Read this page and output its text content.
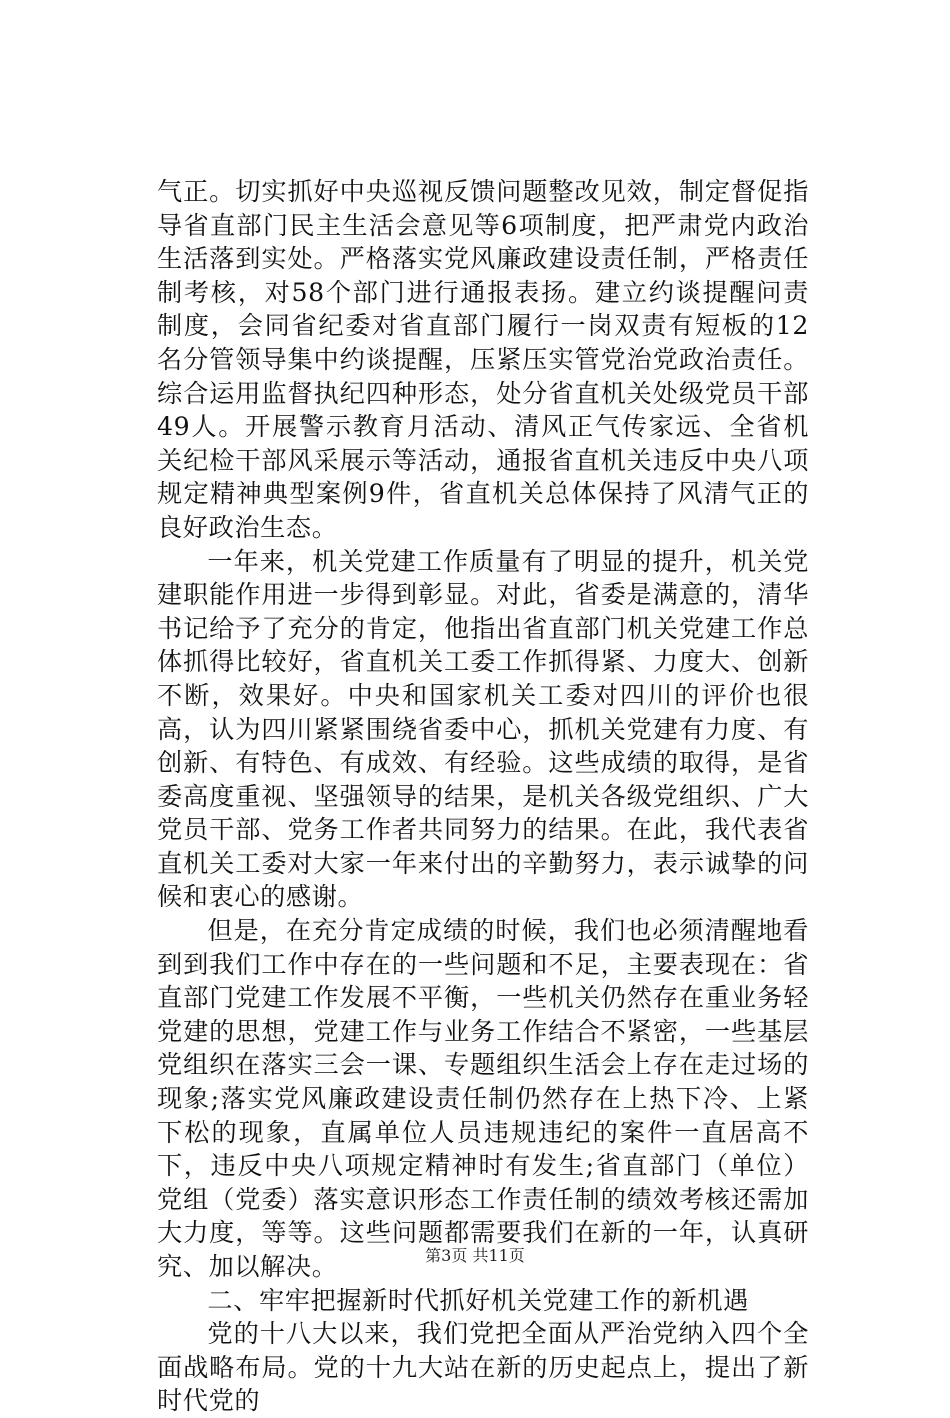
气正。切实抓好中央巡视反馈问题整改见效，制定督促指导省直部门民主生活会意见等6项制度，把严肃党内政治生活落到实处。严格落实党风廉政建设责任制，严格责任制考核，对58个部门进行通报表扬。建立约谈提醒问责制度，会同省纪委对省直部门履行一岗双责有短板的12名分管领导集中约谈提醒，压紧压实管党治党政治责任。综合运用监督执纪四种形态，处分省直机关处级党员干部49人。开展警示教育月活动、清风正气传家远、全省机关纪检干部风采展示等活动，通报省直机关违反中央八项规定精神典型案例9件，省直机关总体保持了风清气正的良好政治生态。

一年来，机关党建工作质量有了明显的提升，机关党建职能作用进一步得到彰显。对此，省委是满意的，清华书记给予了充分的肯定，他指出省直部门机关党建工作总体抓得比较好，省直机关工委工作抓得紧、力度大、创新不断，效果好。中央和国家机关工委对四川的评价也很高，认为四川紧紧围绕省委中心，抓机关党建有力度、有创新、有特色、有成效、有经验。这些成绩的取得，是省委高度重视、坚强领导的结果，是机关各级党组织、广大党员干部、党务工作者共同努力的结果。在此，我代表省直机关工委对大家一年来付出的辛勤努力，表示诚挚的问候和衷心的感谢。

但是，在充分肯定成绩的时候，我们也必须清醒地看到到我们工作中存在的一些问题和不足，主要表现在：省直部门党建工作发展不平衡，一些机关仍然存在重业务轻党建的思想，党建工作与业务工作结合不紧密，一些基层党组织在落实三会一课、专题组织生活会上存在走过场的现象;落实党风廉政建设责任制仍然存在上热下冷、上紧下松的现象，直属单位人员违规违纪的案件一直居高不下，违反中央八项规定精神时有发生;省直部门（单位）党组（党委）落实意识形态工作责任制的绩效考核还需加大力度，等等。这些问题都需要我们在新的一年，认真研究、加以解决。

二、牢牢把握新时代抓好机关党建工作的新机遇

党的十八大以来，我们党把全面从严治党纳入四个全面战略布局。党的十九大站在新的历史起点上，提出了新时代党的

第3页 共11页
